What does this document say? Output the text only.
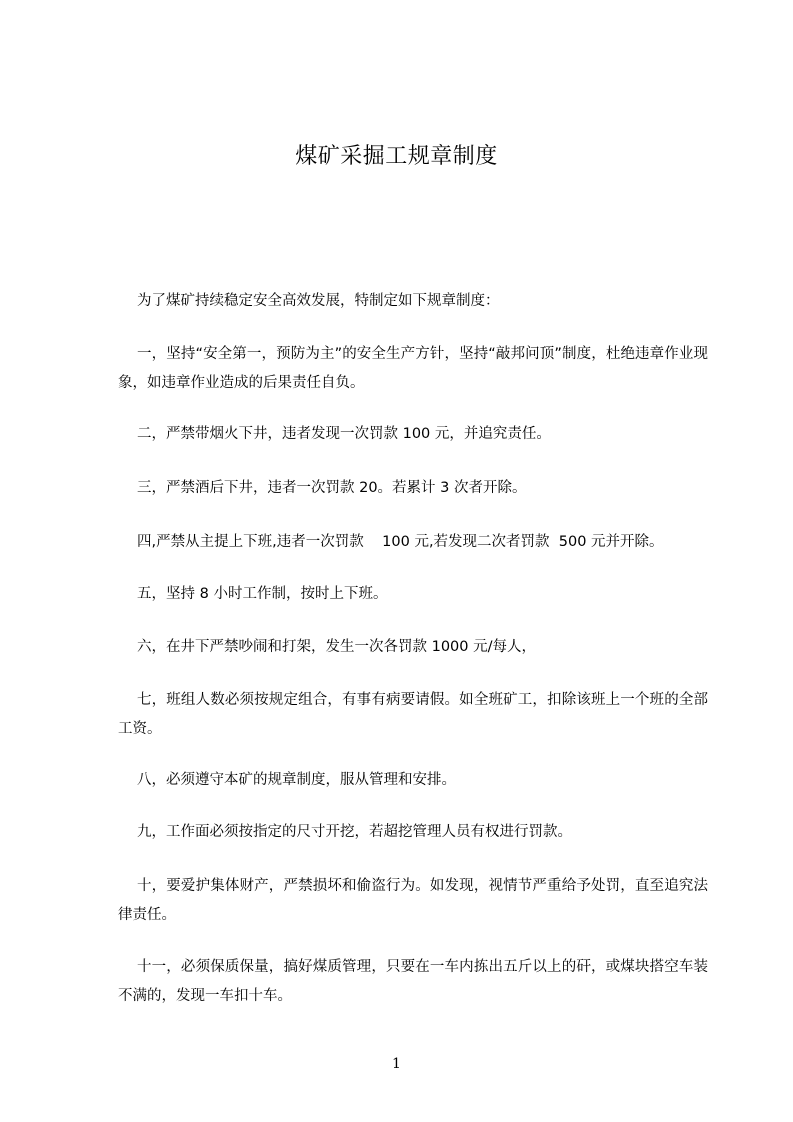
煤矿采掘工规章制度
为了煤矿持续稳定安全高效发展，特制定如下规章制度：
一，坚持“安全第一，预防为主”的安全生产方针，坚持“敲邦问顶”制度，杜绝违章作业现象，如违章作业造成的后果责任自负。
二，严禁带烟火下井，违者发现一次罚款 100 元，并追究责任。
三，严禁酒后下井，违者一次罚款 20。若累计 3 次者开除。
四,严禁从主提上下班,违者一次罚款    100 元,若发现二次者罚款  500 元并开除。
五，坚持 8 小时工作制，按时上下班。
六，在井下严禁吵闹和打架，发生一次各罚款 1000 元/每人，
七，班组人数必须按规定组合，有事有病要请假。如全班矿工，扣除该班上一个班的全部工资。
八，必须遵守本矿的规章制度，服从管理和安排。
九，工作面必须按指定的尺寸开挖，若超挖管理人员有权进行罚款。
十，要爱护集体财产，严禁损坏和偷盗行为。如发现，视情节严重给予处罚，直至追究法律责任。
十一，必须保质保量，搞好煤质管理，只要在一车内拣出五斤以上的矸，或煤块搭空车装不满的，发现一车扣十车。
1
